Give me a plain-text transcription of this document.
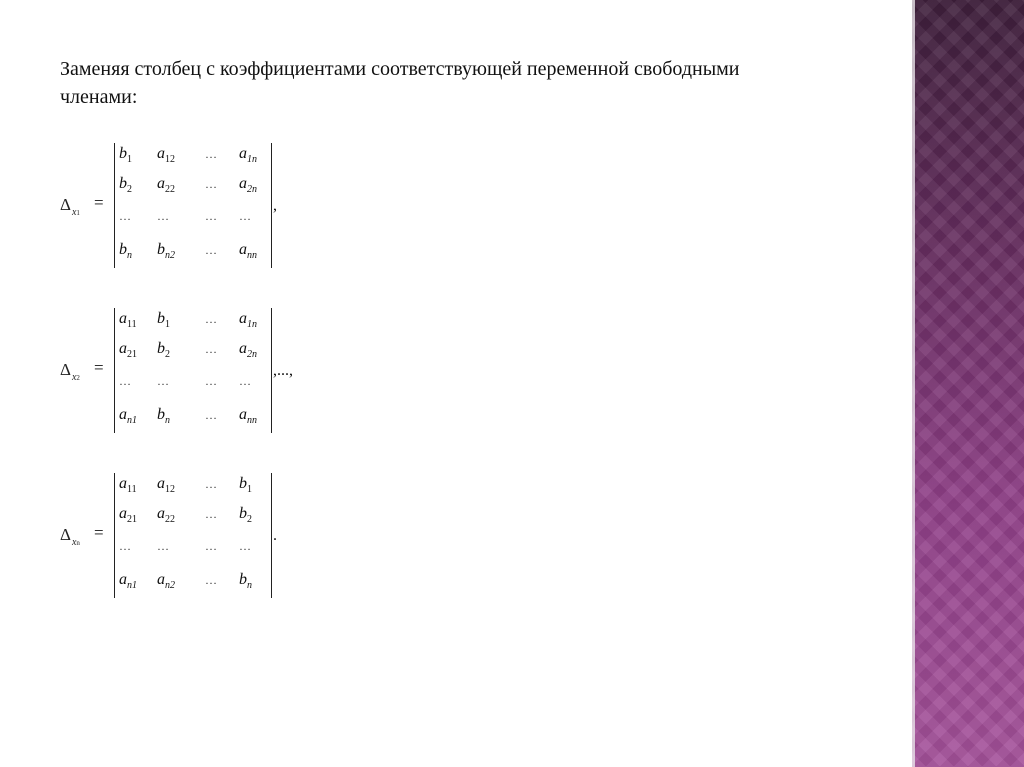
Заменяя столбец с коэффициентами соответствующей переменной свободными членами:

$\Delta_{x1}$
=
$b_1$ $a_{12}$	… $a_{1n}$
$b_2$ $a_{22}$	… $a_{2n}$
… …	… …
$b_n$ $b_{n2}$	… $a_{nn}$
,
$\Delta_{x2}$
=
$a_{11}$ $b_1$	… $a_{1n}$
$a_{21}$ $b_2$	… $a_{2n}$
… …	… …
$a_{n1}$ $b_n$	… $a_{nn}$
,...,
$\Delta_{xn}$
=
$a_{11}$ $a_{12}$	… $b_1$
$a_{21}$ $a_{22}$	… $b_2$
… …	… …
$a_{n1}$ $a_{n2}$	… $b_n$
.
